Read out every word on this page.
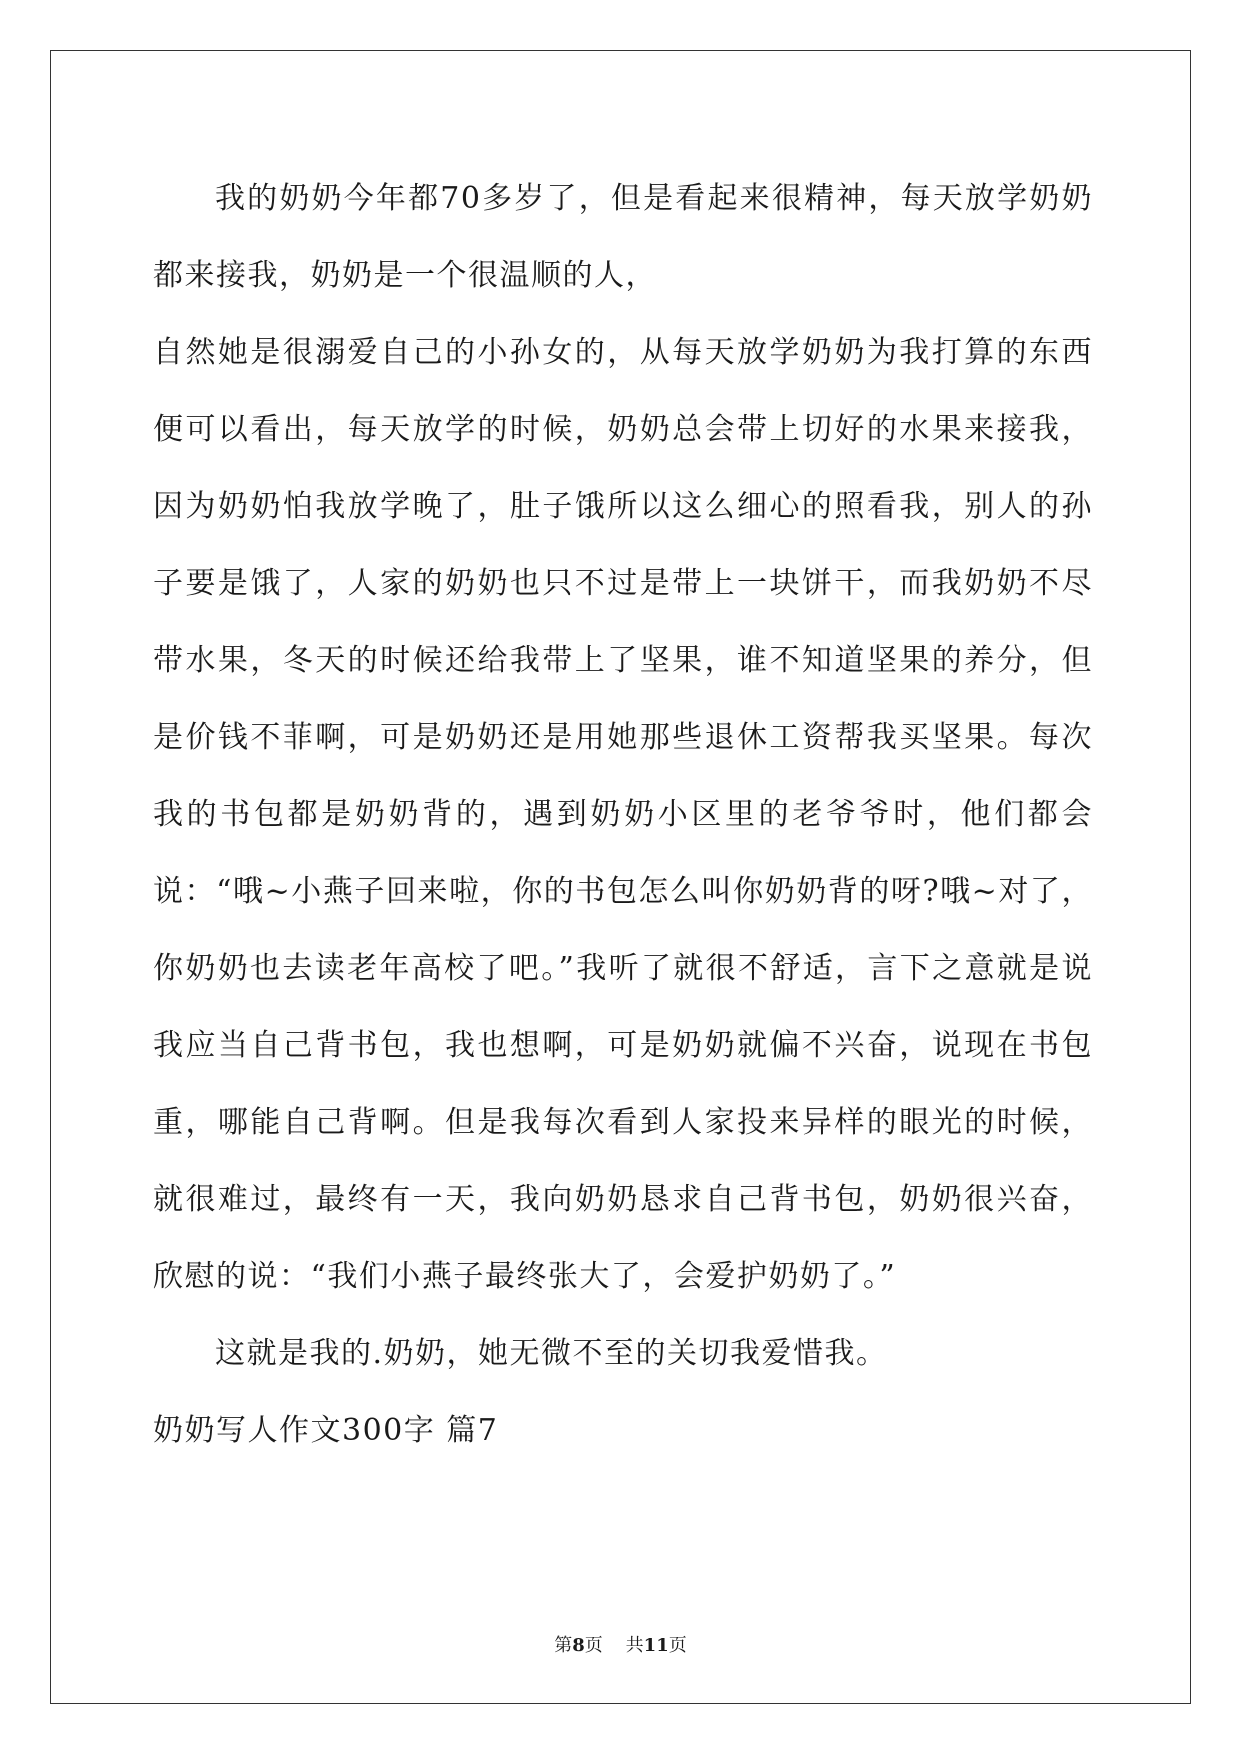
我的奶奶今年都70多岁了，但是看起来很精神，每天放学奶奶都来接我，奶奶是一个很温顺的人，

自然她是很溺爱自己的小孙女的，从每天放学奶奶为我打算的东西便可以看出，每天放学的时候，奶奶总会带上切好的水果来接我，因为奶奶怕我放学晚了，肚子饿所以这么细心的照看我，别人的孙子要是饿了，人家的奶奶也只不过是带上一块饼干，而我奶奶不尽带水果，冬天的时候还给我带上了坚果，谁不知道坚果的养分，但是价钱不菲啊，可是奶奶还是用她那些退休工资帮我买坚果。每次我的书包都是奶奶背的，遇到奶奶小区里的老爷爷时，他们都会说：“哦~小燕子回来啦，你的书包怎么叫你奶奶背的呀?哦~对了，你奶奶也去读老年高校了吧。”我听了就很不舒适，言下之意就是说我应当自己背书包，我也想啊，可是奶奶就偏不兴奋，说现在书包重，哪能自己背啊。但是我每次看到人家投来异样的眼光的时候，就很难过，最终有一天，我向奶奶恳求自己背书包，奶奶很兴奋，欣慰的说：“我们小燕子最终张大了，会爱护奶奶了。”

这就是我的.奶奶，她无微不至的关切我爱惜我。

奶奶写人作文300字 篇7

第8页    共11页
